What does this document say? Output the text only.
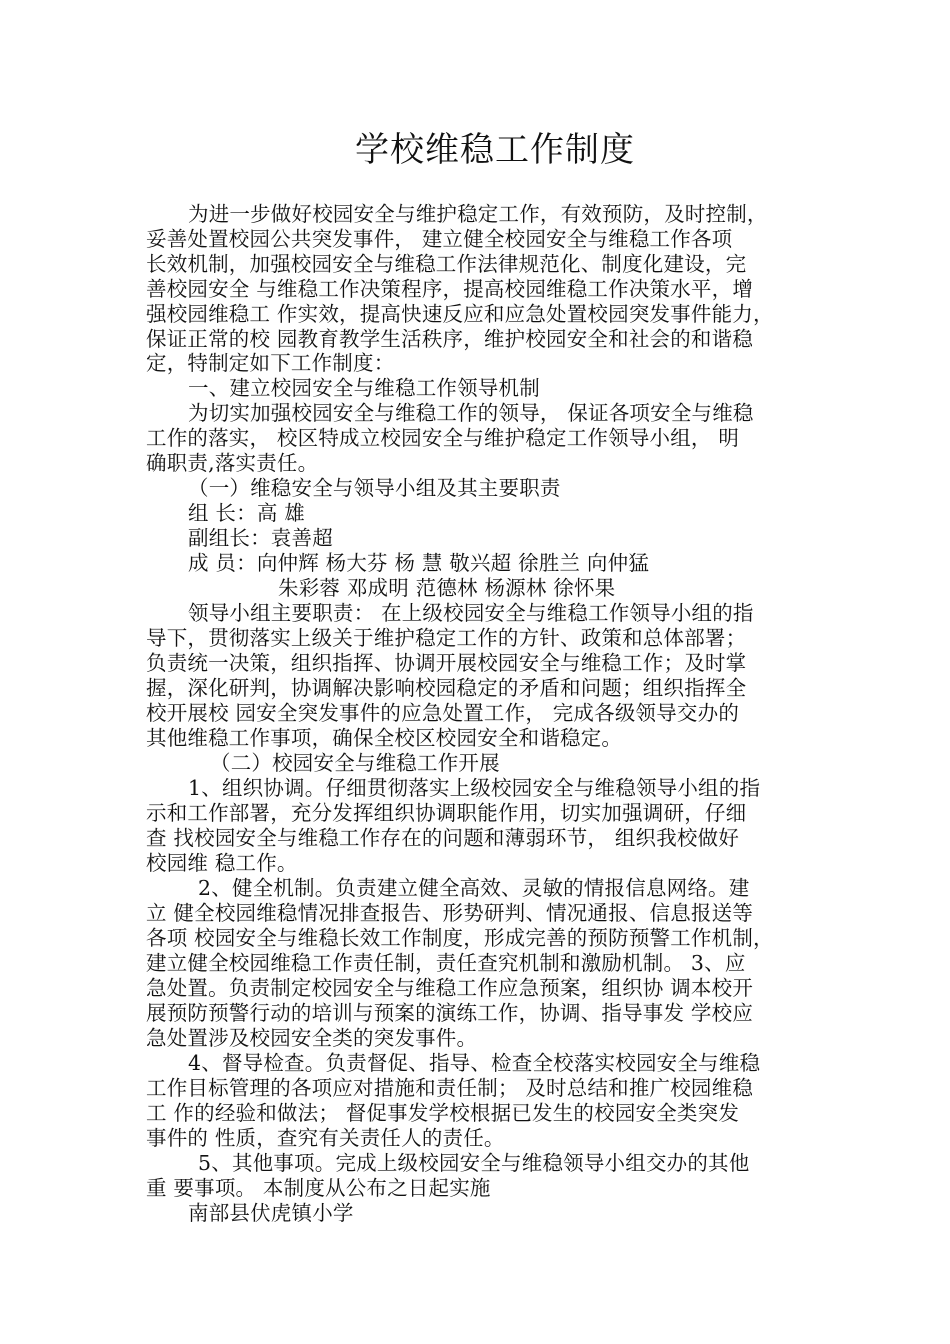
学校维稳工作制度
为进一步做好校园安全与维护稳定工作，有效预防，及时控制，
妥善处置校园公共突发事件， 建立健全校园安全与维稳工作各项
长效机制，加强校园安全与维稳工作法律规范化、制度化建设，完
善校园安全 与维稳工作决策程序，提高校园维稳工作决策水平，增
强校园维稳工 作实效，提高快速反应和应急处置校园突发事件能力，
保证正常的校 园教育教学生活秩序，维护校园安全和社会的和谐稳
定，特制定如下工作制度：
一、建立校园安全与维稳工作领导机制
为切实加强校园安全与维稳工作的领导， 保证各项安全与维稳
工作的落实， 校区特成立校园安全与维护稳定工作领导小组， 明
确职责,落实责任。
（一）维稳安全与领导小组及其主要职责
组 长：高 雄
副组长：袁善超
成 员：向仲辉 杨大芬 杨 慧 敬兴超 徐胜兰 向仲猛
朱彩蓉 邓成明 范德林 杨源林 徐怀果
领导小组主要职责： 在上级校园安全与维稳工作领导小组的指
导下，贯彻落实上级关于维护稳定工作的方针、政策和总体部署；
负责统一决策，组织指挥、协调开展校园安全与维稳工作；及时掌
握，深化研判，协调解决影响校园稳定的矛盾和问题；组织指挥全
校开展校 园安全突发事件的应急处置工作， 完成各级领导交办的
其他维稳工作事项，确保全校区校园安全和谐稳定。
（二）校园安全与维稳工作开展
1、组织协调。仔细贯彻落实上级校园安全与维稳领导小组的指
示和工作部署，充分发挥组织协调职能作用，切实加强调研，仔细
查 找校园安全与维稳工作存在的问题和薄弱环节， 组织我校做好
校园维 稳工作。
2、健全机制。负责建立健全高效、灵敏的情报信息网络。建
立 健全校园维稳情况排查报告、形势研判、情况通报、信息报送等
各项 校园安全与维稳长效工作制度，形成完善的预防预警工作机制，
建立健全校园维稳工作责任制，责任查究机制和激励机制。 3、应
急处置。负责制定校园安全与维稳工作应急预案，组织协 调本校开
展预防预警行动的培训与预案的演练工作，协调、指导事发 学校应
急处置涉及校园安全类的突发事件。
4、督导检查。负责督促、指导、检查全校落实校园安全与维稳
工作目标管理的各项应对措施和责任制； 及时总结和推广校园维稳
工 作的经验和做法； 督促事发学校根据已发生的校园安全类突发
事件的 性质，查究有关责任人的责任。
5、其他事项。完成上级校园安全与维稳领导小组交办的其他
重 要事项。 本制度从公布之日起实施
南部县伏虎镇小学
